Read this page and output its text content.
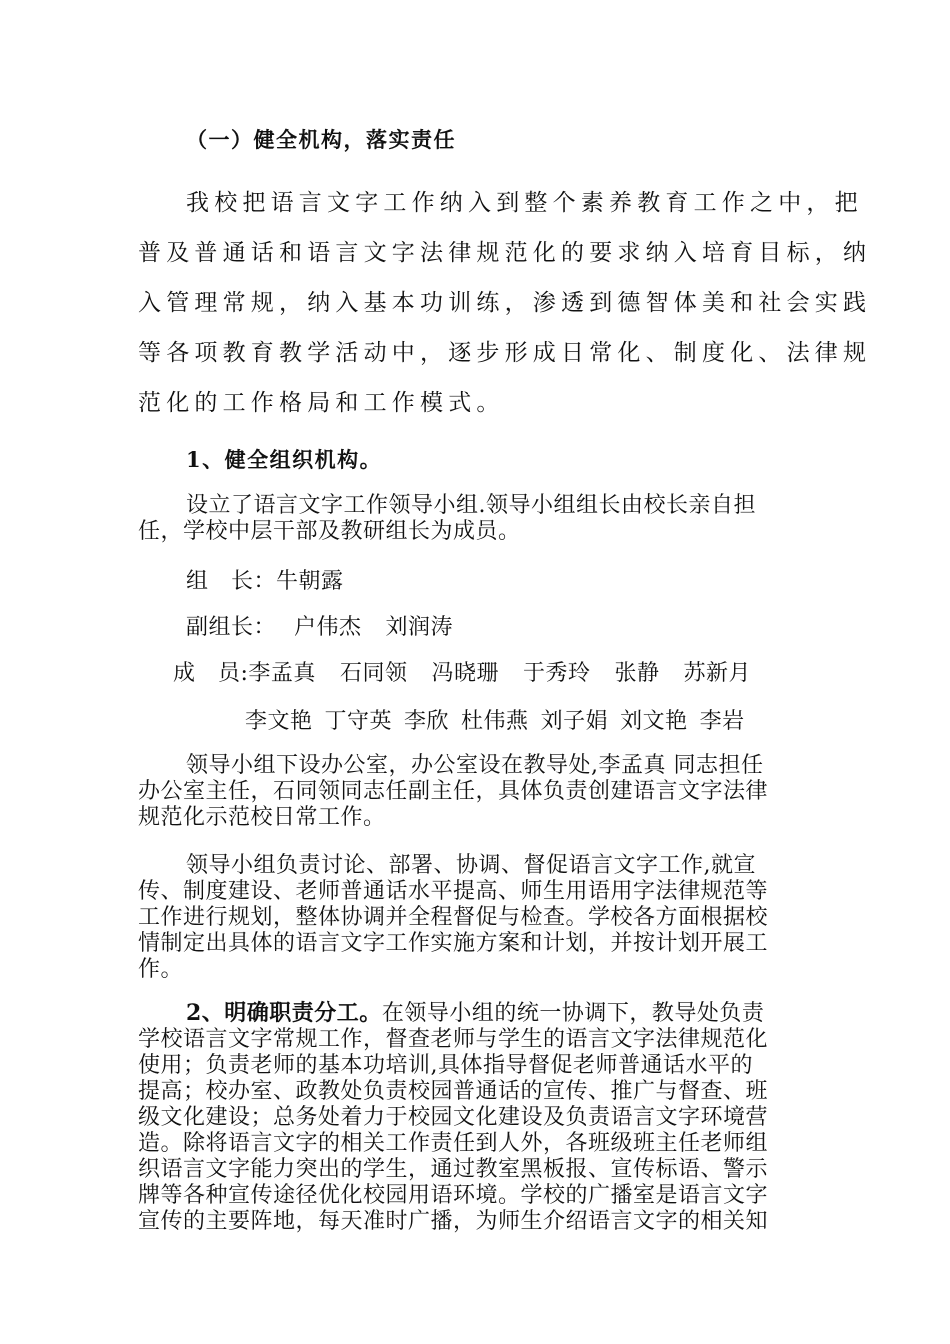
（一）健全机构，落实责任

我校把语言文字工作纳入到整个素养教育工作之中，把

普及普通话和语言文字法律规范化的要求纳入培育目标，纳

入管理常规，纳入基本功训练，渗透到德智体美和社会实践

等各项教育教学活动中，逐步形成日常化、制度化、法律规

范化的工作格局和工作模式。

1、健全组织机构。

设立了语言文字工作领导小组.领导小组组长由校长亲自担

任，学校中层干部及教研组长为成员。

组　长：牛朝露

副组长： 户伟杰 刘润涛

成　员:李孟真 石同领 冯晓珊 于秀玲 张静 苏新月

李文艳 丁守英 李欣 杜伟燕 刘子娟 刘文艳 李岩

领导小组下设办公室，办公室设在教导处,李孟真 同志担任

办公室主任，石同领同志任副主任，具体负责创建语言文字法律

规范化示范校日常工作。

领导小组负责讨论、部署、协调、督促语言文字工作,就宣

传、制度建设、老师普通话水平提高、师生用语用字法律规范等

工作进行规划，整体协调并全程督促与检查。学校各方面根据校

情制定出具体的语言文字工作实施方案和计划，并按计划开展工

作。

2、明确职责分工。在领导小组的统一协调下，教导处负责

学校语言文字常规工作，督查老师与学生的语言文字法律规范化

使用；负责老师的基本功培训,具体指导督促老师普通话水平的

提高；校办室、政教处负责校园普通话的宣传、推广与督查、班

级文化建设；总务处着力于校园文化建设及负责语言文字环境营

造。除将语言文字的相关工作责任到人外，各班级班主任老师组

织语言文字能力突出的学生，通过教室黑板报、宣传标语、警示

牌等各种宣传途径优化校园用语环境。学校的广播室是语言文字

宣传的主要阵地，每天准时广播，为师生介绍语言文字的相关知
